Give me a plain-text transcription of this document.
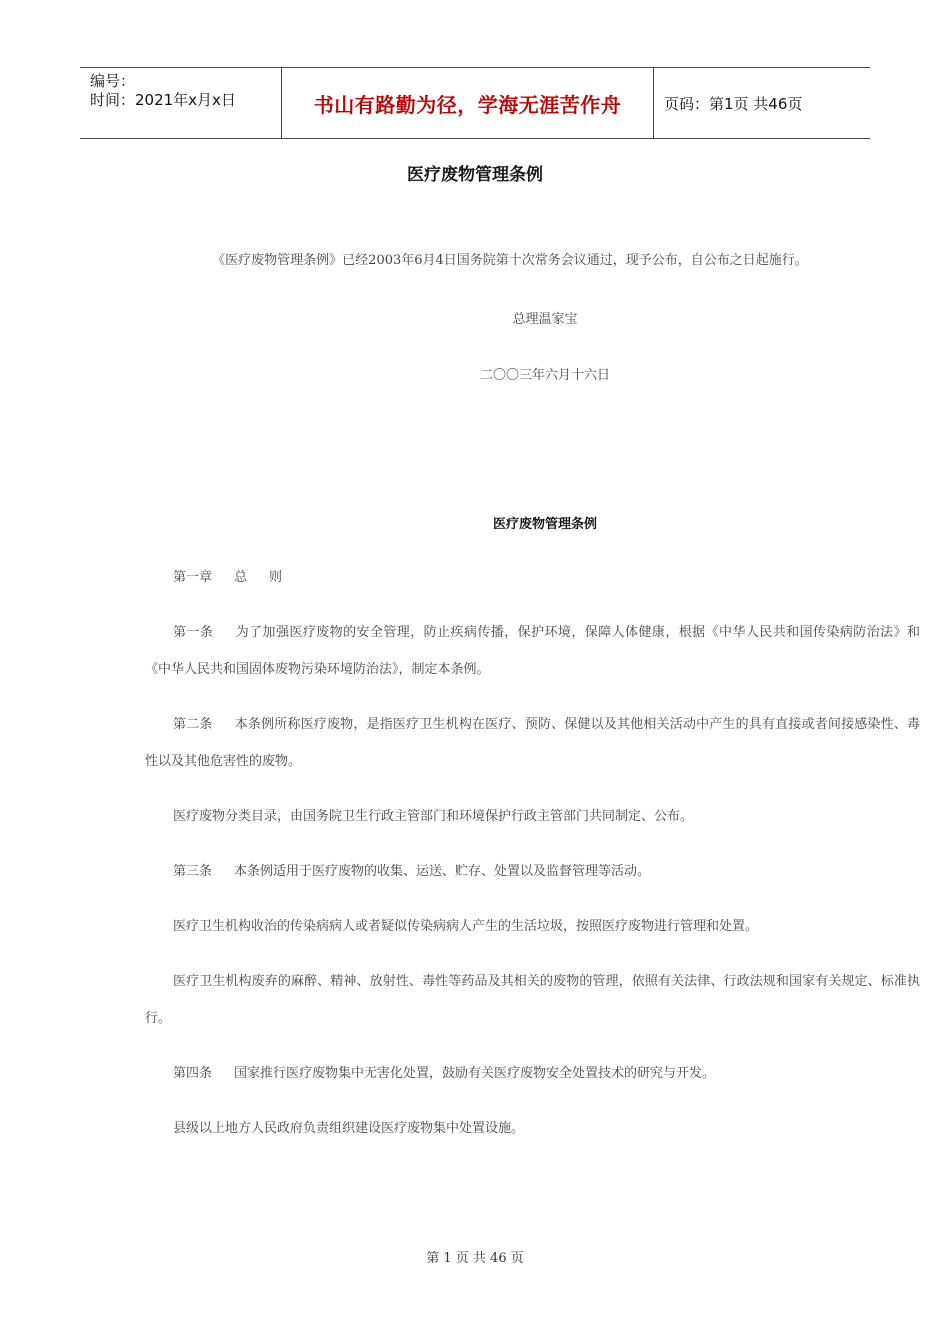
编号：
时间：2021年x月x日	书山有路勤为径，学海无涯苦作舟	页码：第1页 共46页
医疗废物管理条例
《医疗废物管理条例》已经2003年6月4日国务院第十次常务会议通过，现予公布，自公布之日起施行。
总理温家宝
二〇〇三年六月十六日
医疗废物管理条例
第一章 总 则
第一条 为了加强医疗废物的安全管理，防止疾病传播，保护环境，保障人体健康，根据《中华人民共和国传染病防治法》和《中华人民共和国固体废物污染环境防治法》，制定本条例。
第二条 本条例所称医疗废物，是指医疗卫生机构在医疗、预防、保健以及其他相关活动中产生的具有直接或者间接感染性、毒性以及其他危害性的废物。
医疗废物分类目录，由国务院卫生行政主管部门和环境保护行政主管部门共同制定、公布。
第三条 本条例适用于医疗废物的收集、运送、贮存、处置以及监督管理等活动。
医疗卫生机构收治的传染病病人或者疑似传染病病人产生的生活垃圾，按照医疗废物进行管理和处置。
医疗卫生机构废弃的麻醉、精神、放射性、毒性等药品及其相关的废物的管理，依照有关法律、行政法规和国家有关规定、标准执行。
第四条 国家推行医疗废物集中无害化处置，鼓励有关医疗废物安全处置技术的研究与开发。
县级以上地方人民政府负责组织建设医疗废物集中处置设施。
第 1 页 共 46 页
